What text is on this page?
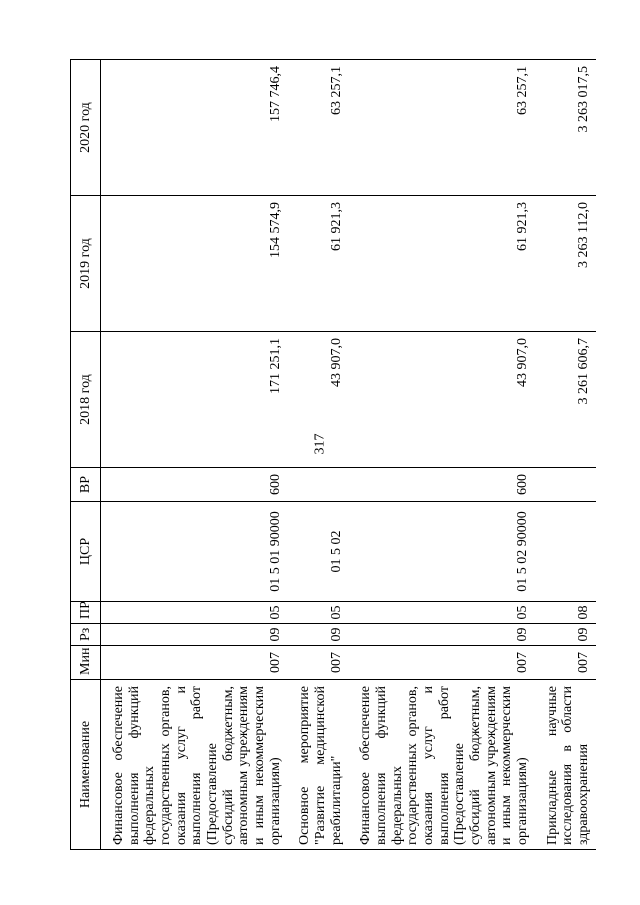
317
Наименование	Мин	Рз	ПР	ЦСР	ВР	2018 год	2019 год	2020 год
Финансовое обеспечение выполнения функций федеральных государственных органов, оказания услуг и выполнения работ (Предоставление субсидий бюджетным, автономным учреждениям и иным некоммерческим организациям)	007	09	05	01 5 01 90000	600	171 251,1	154 574,9	157 746,4
Основное мероприятие "Развитие медицинской реабилитации"	007	09	05	01 5 02		43 907,0	61 921,3	63 257,1
Финансовое обеспечение выполнения функций федеральных государственных органов, оказания услуг и выполнения работ (Предоставление субсидий бюджетным, автономным учреждениям и иным некоммерческим организациям)	007	09	05	01 5 02 90000	600	43 907,0	61 921,3	63 257,1
Прикладные научные исследования в области здравоохранения	007	09	08			3 261 606,7	3 263 112,0	3 263 017,5
